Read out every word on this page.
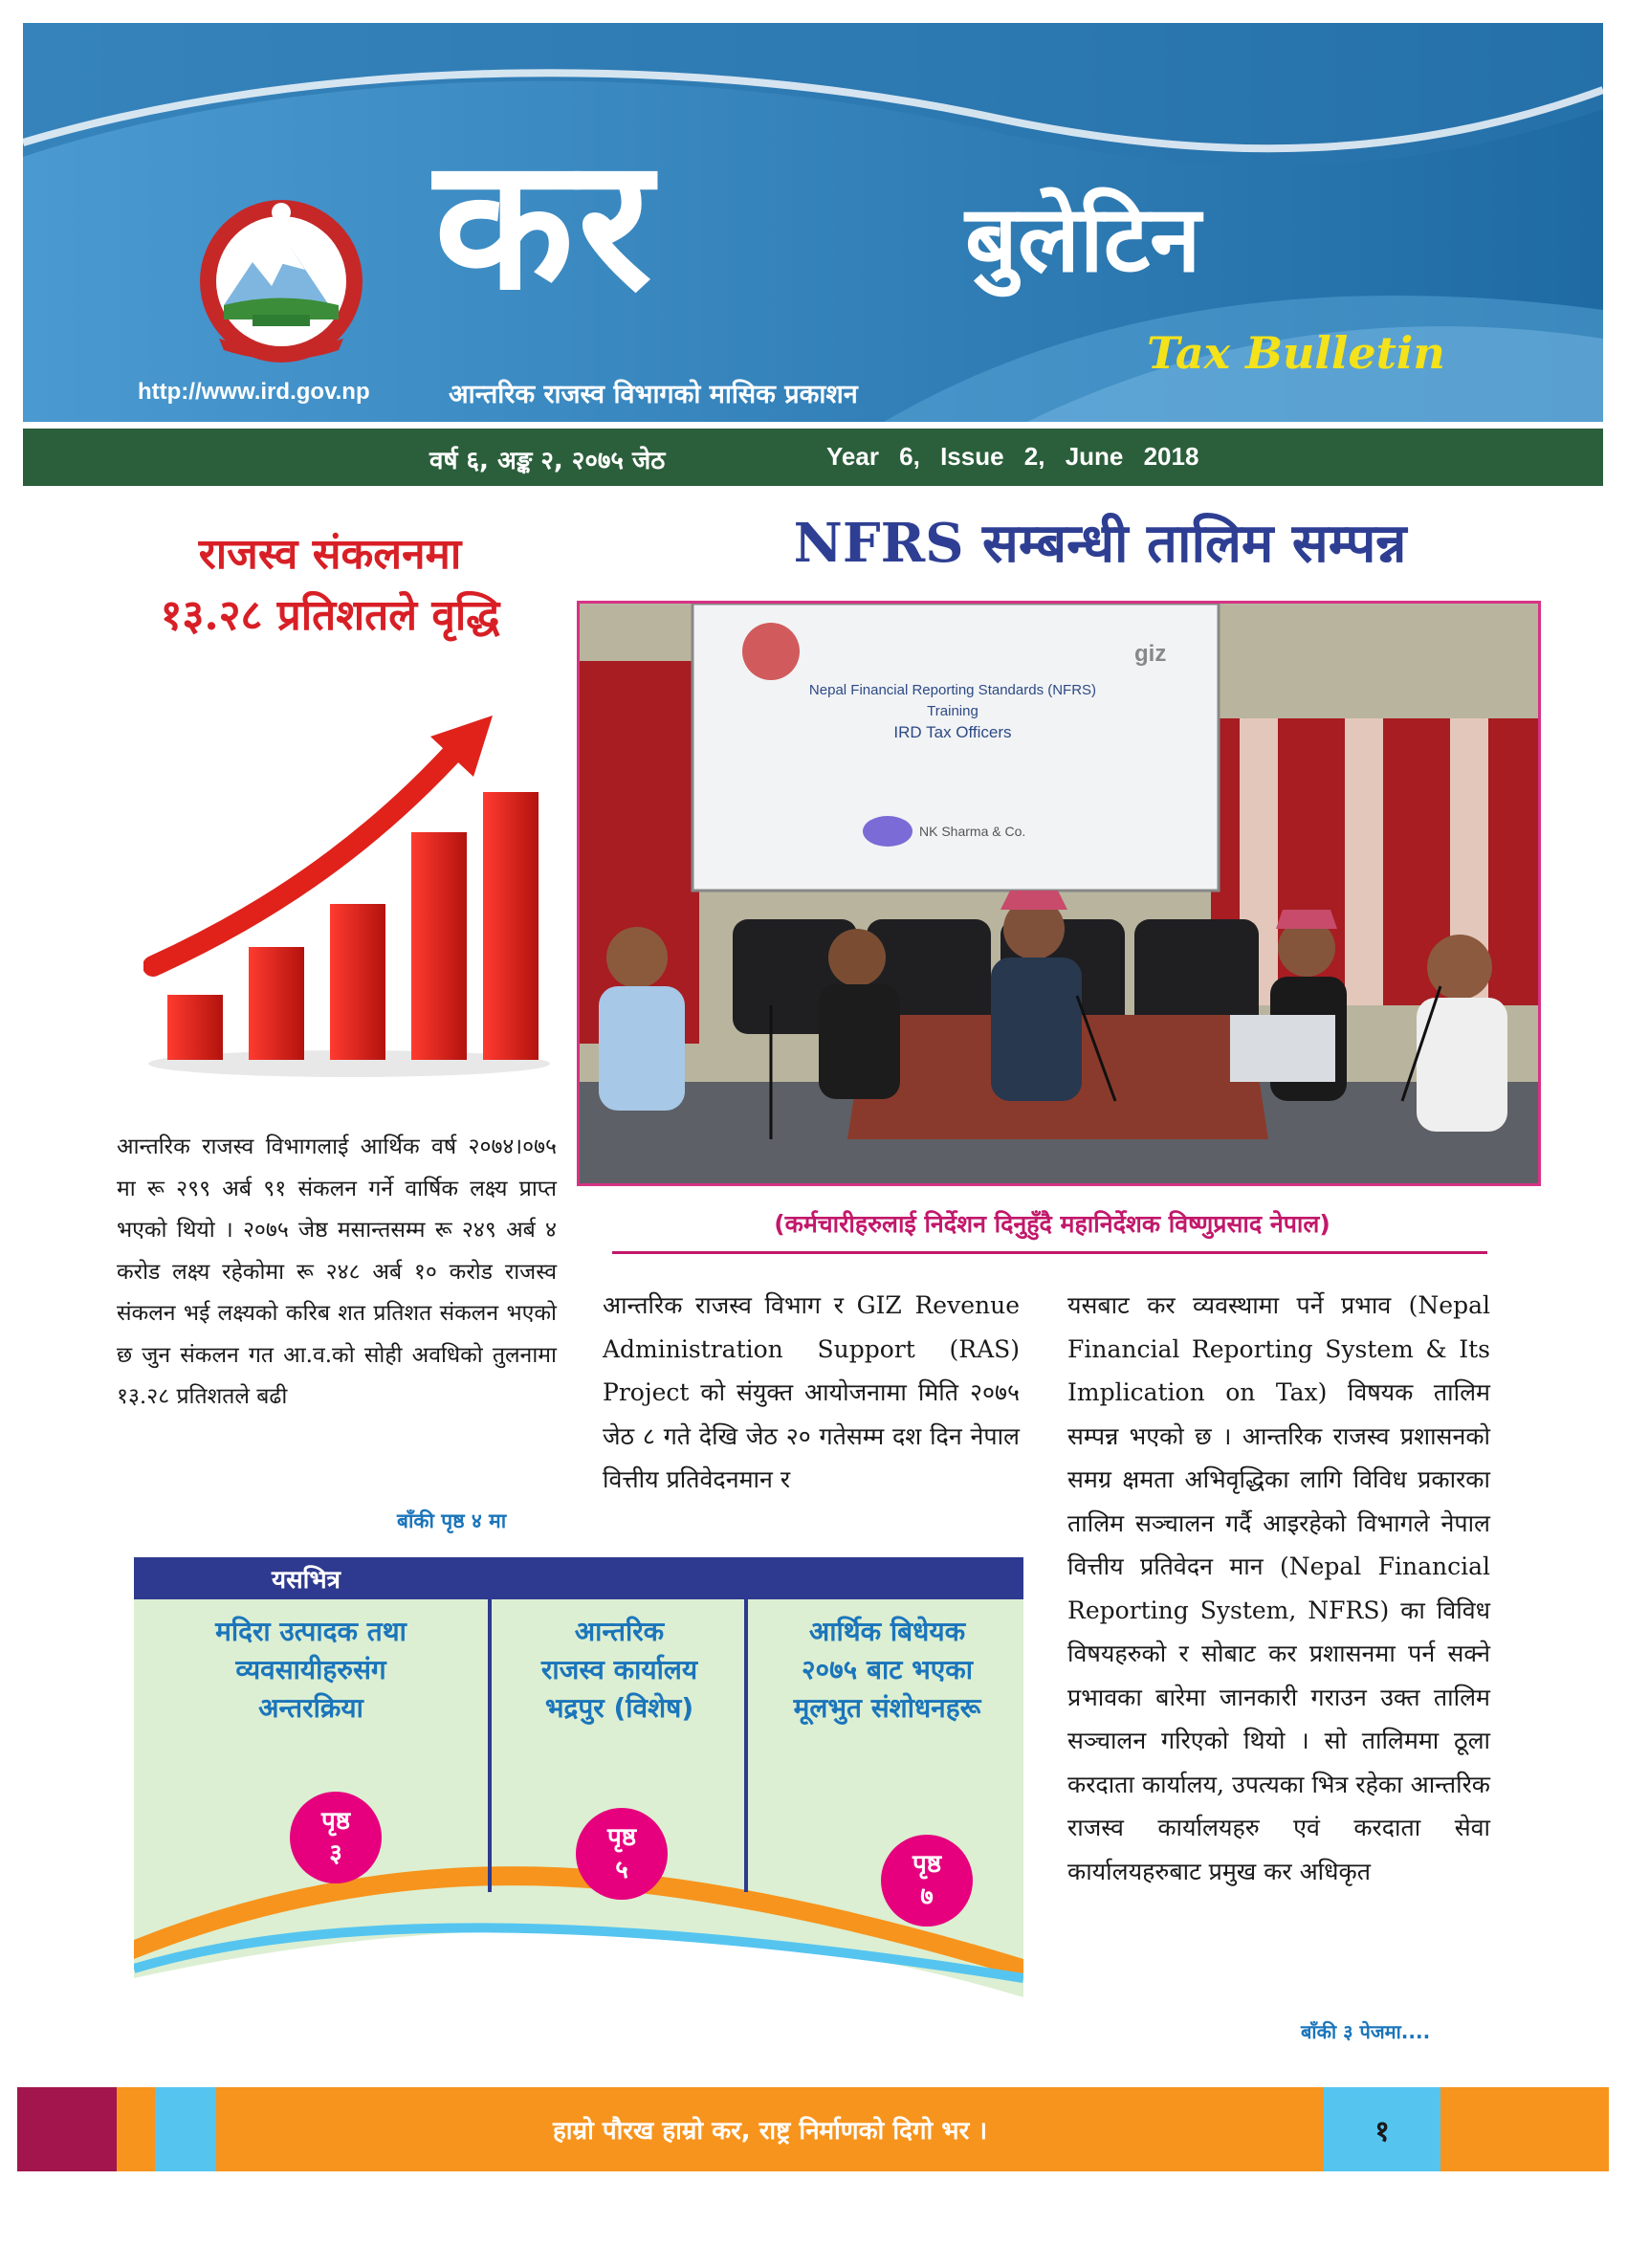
कर	बुलेटिन
Tax Bulletin
http://www.ird.gov.np	आन्तरिक राजस्व विभागको मासिक प्रकाशन
वर्ष ६, अङ्क २, २०७५ जेठ	Year 6, Issue 2, June 2018
राजस्व संकलनमा
१३.२८ प्रतिशतले वृद्धि
आन्तरिक राजस्व विभागलाई आर्थिक वर्ष २०७४।०७५ मा रू २९९ अर्ब ९१ संकलन गर्ने वार्षिक लक्ष्य प्राप्त भएको थियो । २०७५ जेष्ठ मसान्तसम्म रू २४९ अर्ब ४ करोड लक्ष्य रहेकोमा रू २४८ अर्ब १० करोड राजस्व संकलन भई लक्ष्यको करिब शत प्रतिशत संकलन भएको छ जुन संकलन गत आ.व.को सोही अवधिको तुलनामा १३.२८ प्रतिशतले बढी
बाँकी पृष्ठ ४ मा
NFRS सम्बन्धी तालिम सम्पन्न
Nepal Financial Reporting Standards (NFRS)
Training
IRD Tax Officers
giz
NK Sharma & Co.
(कर्मचारीहरुलाई निर्देशन दिनुहुँदै महानिर्देशक विष्णुप्रसाद नेपाल)
आन्तरिक राजस्व विभाग र GIZ Revenue Administration Support (RAS) Project को संयुक्त आयोजनामा मिति २०७५ जेठ ८ गते देखि जेठ २० गतेसम्म दश दिन नेपाल वित्तीय प्रतिवेदनमान र
यसबाट कर व्यवस्थामा पर्ने प्रभाव (Nepal Financial Reporting System & Its Implication on Tax) विषयक तालिम सम्पन्न भएको छ । आन्तरिक राजस्व प्रशासनको समग्र क्षमता अभिवृद्धिका लागि विविध प्रकारका तालिम सञ्चालन गर्दै आइरहेको विभागले नेपाल वित्तीय प्रतिवेदन मान (Nepal Financial Reporting System, NFRS) का विविध विषयहरुको र सोबाट कर प्रशासनमा पर्न सक्ने प्रभावका बारेमा जानकारी गराउन उक्त तालिम सञ्चालन गरिएको थियो । सो तालिममा ठूला करदाता कार्यालय, उपत्यका भित्र रहेका आन्तरिक राजस्व कार्यालयहरु एवं करदाता सेवा कार्यालयहरुबाट प्रमुख कर अधिकृत
बाँकी ३ पेजमा....
यसभित्र
मदिरा उत्पादक तथा
व्यवसायीहरुसंग
अन्तरक्रिया
पृष्ठ
३
आन्तरिक
राजस्व कार्यालय
भद्रपुर (विशेष)
पृष्ठ
५
आर्थिक बिधेयक
२०७५ बाट भएका
मूलभुत संशोधनहरू
पृष्ठ
७
हाम्रो पौरख हाम्रो कर, राष्ट्र निर्माणको दिगो भर ।	१
